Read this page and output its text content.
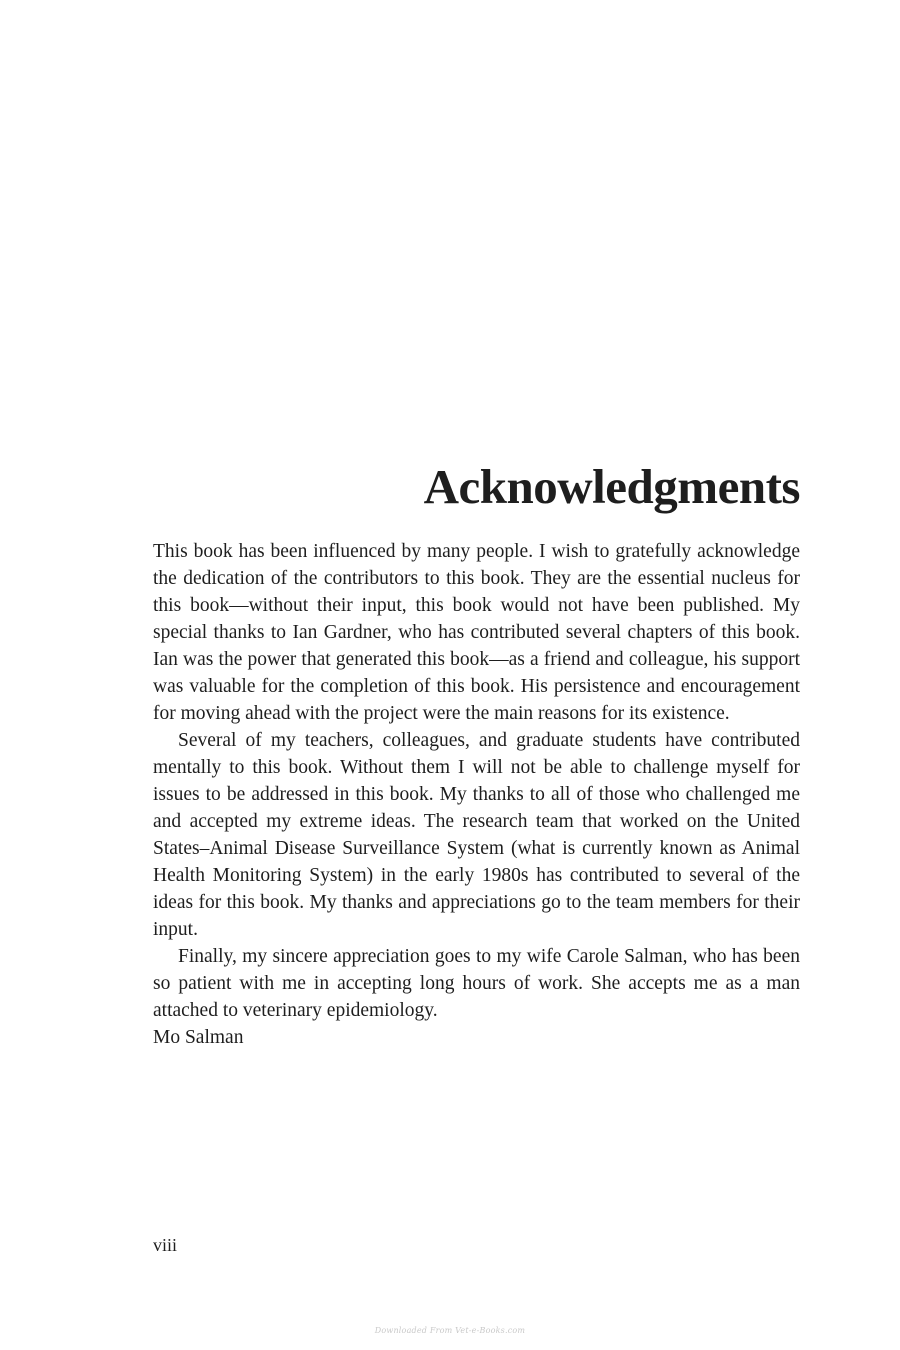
Acknowledgments

This book has been influenced by many people. I wish to gratefully acknowledge the dedication of the contributors to this book. They are the essential nucleus for this book—without their input, this book would not have been published. My special thanks to Ian Gardner, who has contributed several chapters of this book. Ian was the power that generated this book—as a friend and colleague, his support was valuable for the completion of this book. His persistence and encouragement for moving ahead with the project were the main reasons for its existence.

Several of my teachers, colleagues, and graduate students have contributed mentally to this book. Without them I will not be able to challenge myself for issues to be addressed in this book. My thanks to all of those who challenged me and accepted my extreme ideas. The research team that worked on the United States–Animal Disease Surveillance System (what is currently known as Animal Health Monitoring System) in the early 1980s has contributed to several of the ideas for this book. My thanks and appreciations go to the team members for their input.

Finally, my sincere appreciation goes to my wife Carole Salman, who has been so patient with me in accepting long hours of work. She accepts me as a man attached to veterinary epidemiology.

Mo Salman

viii
Downloaded From Vet-e-Books.com
